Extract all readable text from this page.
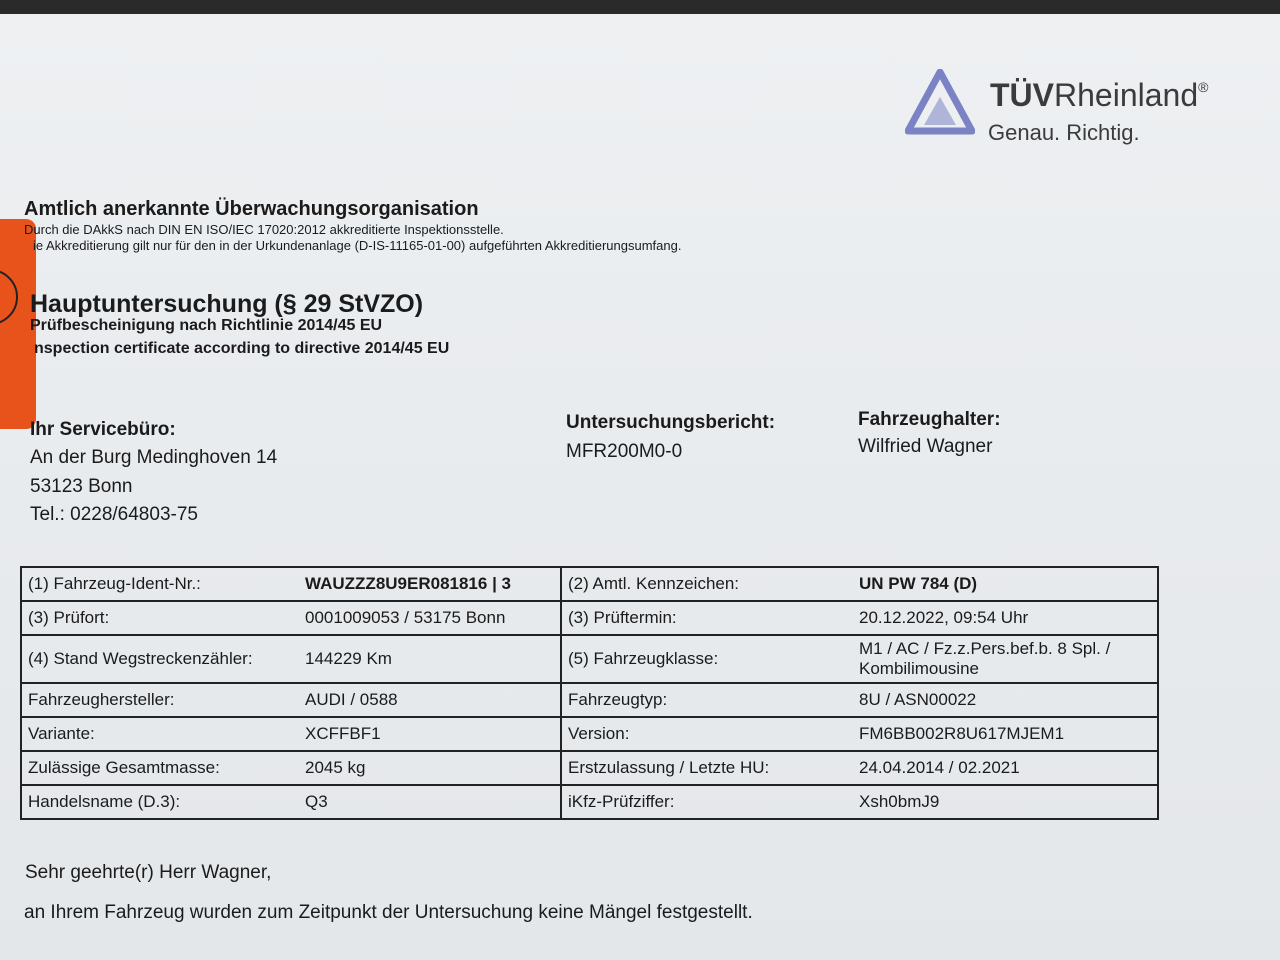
TÜVRheinland®
Genau. Richtig.
Amtlich anerkannte Überwachungsorganisation
Durch die DAkkS nach DIN EN ISO/IEC 17020:2012 akkreditierte Inspektionsstelle.
ie Akkreditierung gilt nur für den in der Urkundenanlage (D-IS-11165-01-00) aufgeführten Akkreditierungsumfang.
Hauptuntersuchung (§ 29 StVZO)
Prüfbescheinigung nach Richtlinie 2014/45 EU
nspection certificate according to directive 2014/45 EU
Ihr Servicebüro:
An der Burg Medinghoven 14
53123 Bonn
Tel.: 0228/64803-75
Untersuchungsbericht:
MFR200M0-0
Fahrzeughalter:
Wilfried Wagner
(1) Fahrzeug-Ident-Nr.:	WAUZZZ8U9ER081816 | 3	(2) Amtl. Kennzeichen:	UN PW 784 (D)
(3) Prüfort:	0001009053 / 53175 Bonn	(3) Prüftermin:	20.12.2022, 09:54 Uhr
(4) Stand Wegstreckenzähler:	144229 Km	(5) Fahrzeugklasse:	M1 / AC / Fz.z.Pers.bef.b. 8 Spl. / Kombilimousine
Fahrzeughersteller:	AUDI / 0588	Fahrzeugtyp:	8U / ASN00022
Variante:	XCFFBF1	Version:	FM6BB002R8U617MJEM1
Zulässige Gesamtmasse:	2045 kg	Erstzulassung / Letzte HU:	24.04.2014 / 02.2021
Handelsname (D.3):	Q3	iKfz-Prüfziffer:	Xsh0bmJ9
Sehr geehrte(r) Herr Wagner,
an Ihrem Fahrzeug wurden zum Zeitpunkt der Untersuchung keine Mängel festgestellt.
